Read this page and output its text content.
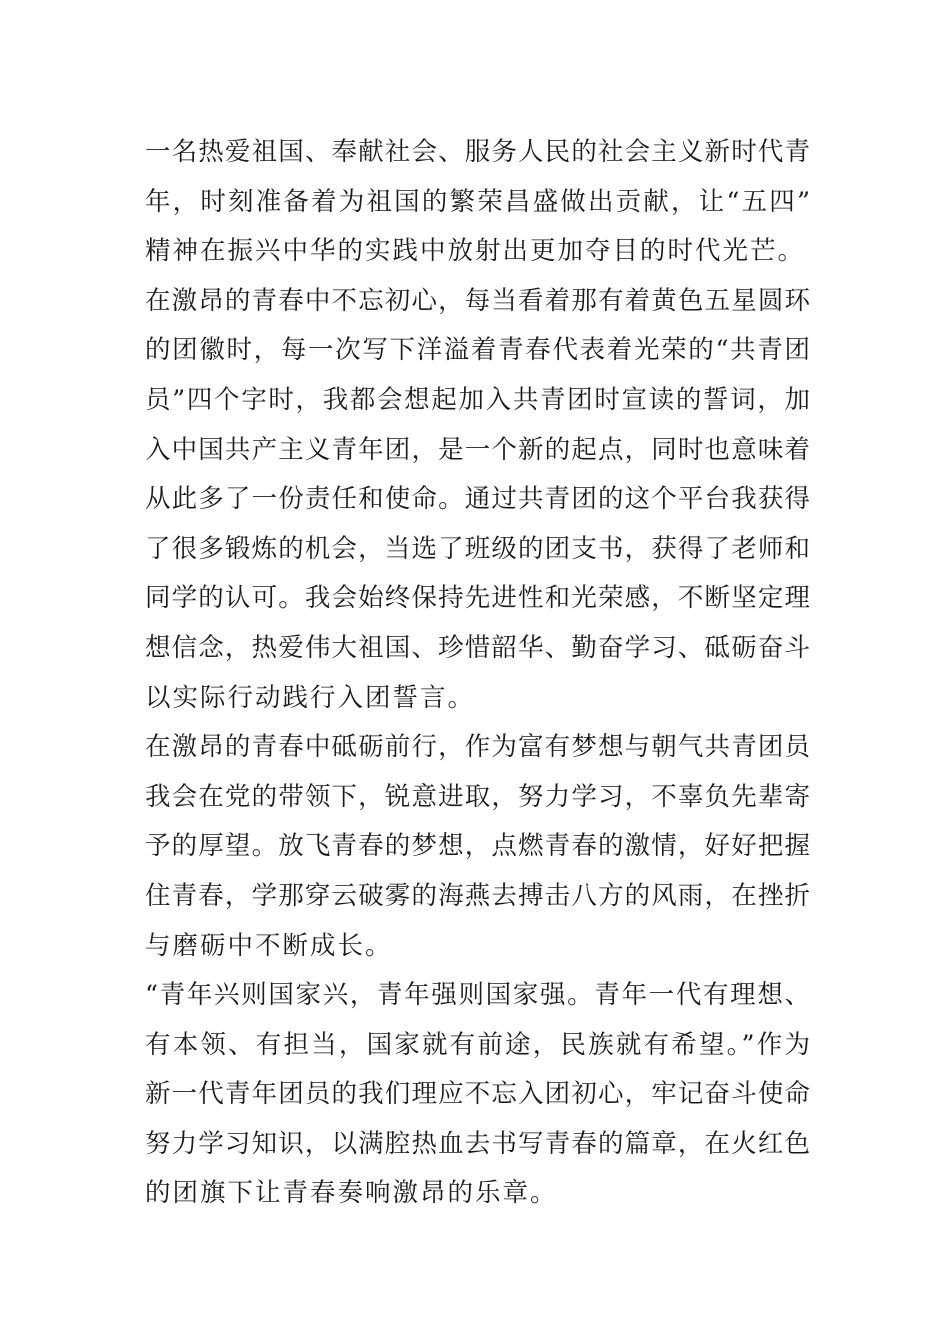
一名热爱祖国、奉献社会、服务人民的社会主义新时代青
年，时刻准备着为祖国的繁荣昌盛做出贡献，让“五四”
精神在振兴中华的实践中放射出更加夺目的时代光芒。
在激昂的青春中不忘初心，每当看着那有着黄色五星圆环
的团徽时，每一次写下洋溢着青春代表着光荣的“共青团
员”四个字时，我都会想起加入共青团时宣读的誓词，加
入中国共产主义青年团，是一个新的起点，同时也意味着
从此多了一份责任和使命。通过共青团的这个平台我获得
了很多锻炼的机会，当选了班级的团支书，获得了老师和
同学的认可。我会始终保持先进性和光荣感，不断坚定理
想信念，热爱伟大祖国、珍惜韶华、勤奋学习、砥砺奋斗
以实际行动践行入团誓言。
在激昂的青春中砥砺前行，作为富有梦想与朝气共青团员
我会在党的带领下，锐意进取，努力学习，不辜负先辈寄
予的厚望。放飞青春的梦想，点燃青春的激情，好好把握
住青春，学那穿云破雾的海燕去搏击八方的风雨，在挫折
与磨砺中不断成长。
“青年兴则国家兴，青年强则国家强。青年一代有理想、
有本领、有担当，国家就有前途，民族就有希望。”作为
新一代青年团员的我们理应不忘入团初心，牢记奋斗使命
努力学习知识，以满腔热血去书写青春的篇章，在火红色
的团旗下让青春奏响激昂的乐章。
